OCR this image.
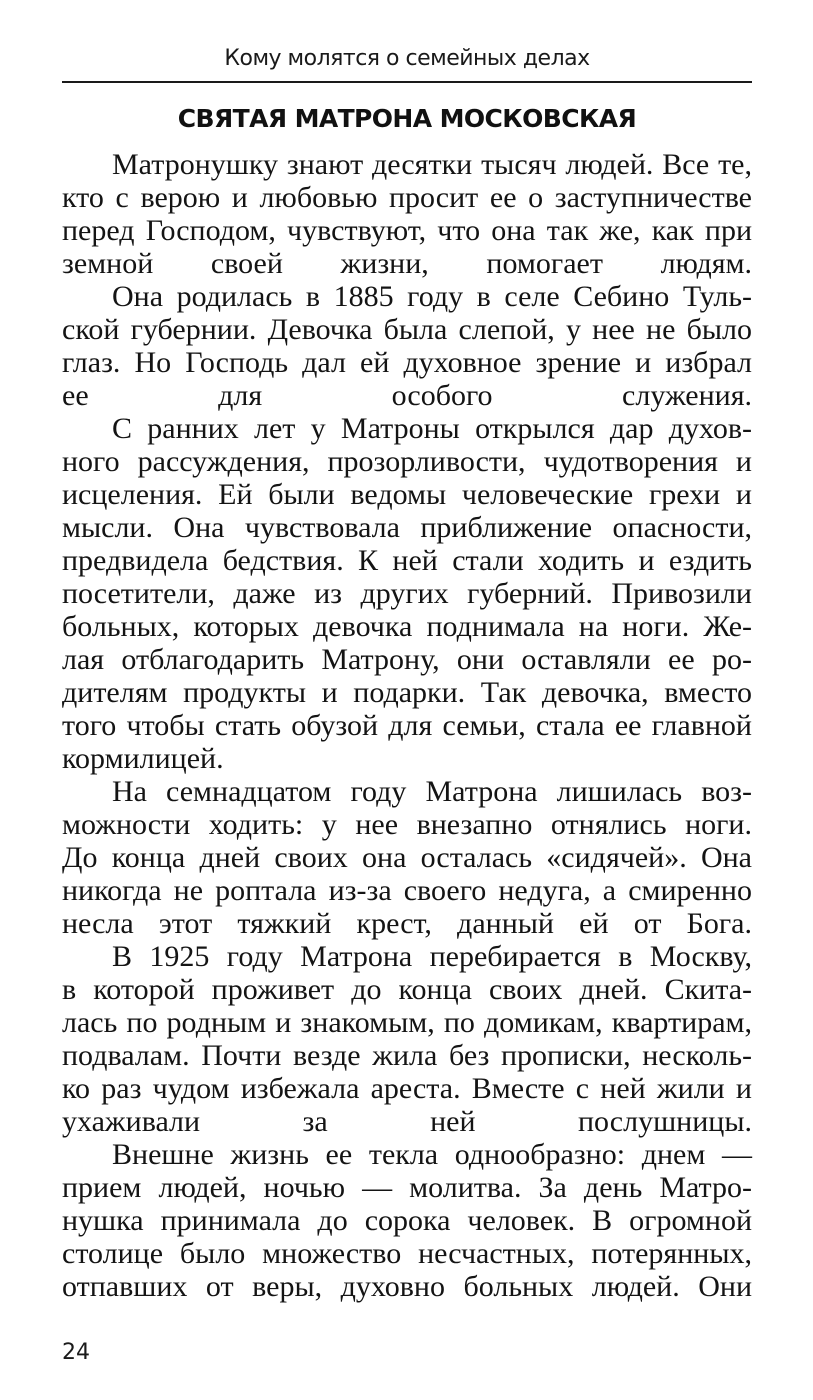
Кому молятся о семейных делах
СВЯТАЯ МАТРОНА МОСКОВСКАЯ

Матронушку знают десятки тысяч людей. Все те,
кто с верою и любовью просит ее о заступничестве
перед Господом, чувствуют, что она так же, как при
земной своей жизни, помогает людям.

Она родилась в 1885 году в селе Себино Туль-
ской губернии. Девочка была слепой, у нее не было
глаз. Но Господь дал ей духовное зрение и избрал
ее для особого служения.

С ранних лет у Матроны открылся дар духов-
ного рассуждения, прозорливости, чудотворения и
исцеления. Ей были ведомы человеческие грехи и
мысли. Она чувствовала приближение опасности,
предвидела бедствия. К ней стали ходить и ездить
посетители, даже из других губерний. Привозили
больных, которых девочка поднимала на ноги. Же-
лая отблагодарить Матрону, они оставляли ее ро-
дителям продукты и подарки. Так девочка, вместо
того чтобы стать обузой для семьи, стала ее главной
кормилицей.

На семнадцатом году Матрона лишилась воз-
можности ходить: у нее внезапно отнялись ноги.
До конца дней своих она осталась «сидячей». Она
никогда не роптала из-за своего недуга, а смиренно
несла этот тяжкий крест, данный ей от Бога.

В 1925 году Матрона перебирается в Москву,
в которой проживет до конца своих дней. Скита-
лась по родным и знакомым, по домикам, квартирам,
подвалам. Почти везде жила без прописки, несколь-
ко раз чудом избежала ареста. Вместе с ней жили и
ухаживали за ней послушницы.

Внешне жизнь ее текла однообразно: днем —
прием людей, ночью — молитва. За день Матро-
нушка принимала до сорока человек. В огромной
столице было множество несчастных, потерянных,
отпавших от веры, духовно больных людей. Они

24
